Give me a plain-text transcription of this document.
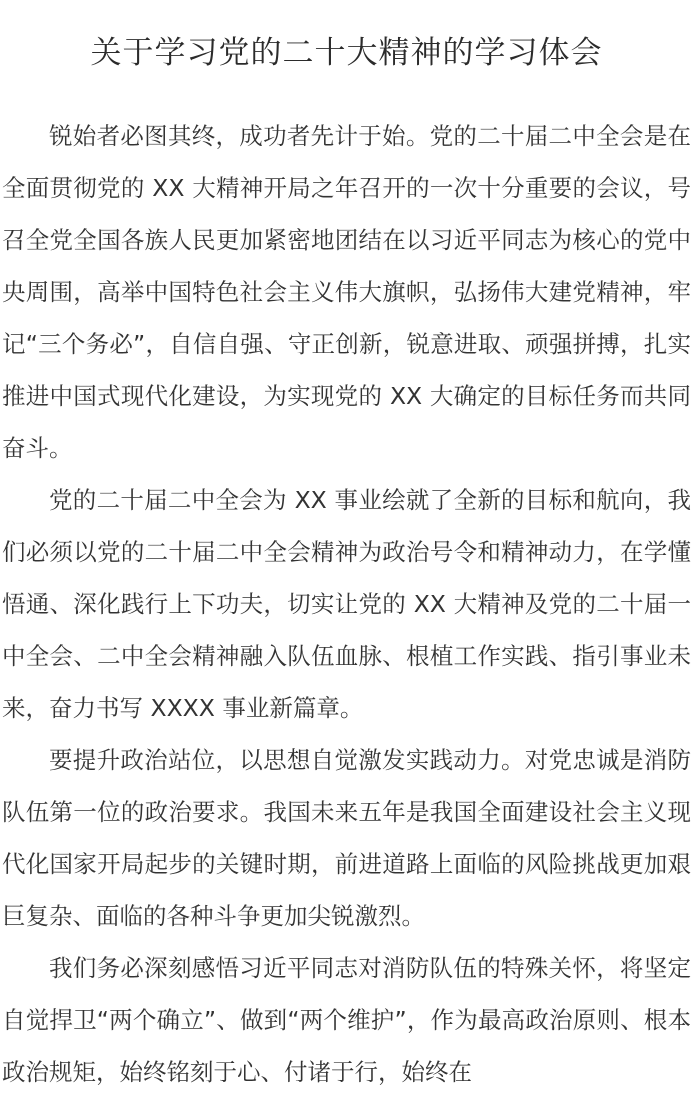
关于学习党的二十大精神的学习体会

锐始者必图其终，成功者先计于始。党的二十届二中全会是在全面贯彻党的 XX 大精神开局之年召开的一次十分重要的会议，号召全党全国各族人民更加紧密地团结在以习近平同志为核心的党中央周围，高举中国特色社会主义伟大旗帜，弘扬伟大建党精神，牢记“三个务必”，自信自强、守正创新，锐意进取、顽强拼搏，扎实推进中国式现代化建设，为实现党的 XX 大确定的目标任务而共同奋斗。

党的二十届二中全会为 XX 事业绘就了全新的目标和航向，我们必须以党的二十届二中全会精神为政治号令和精神动力，在学懂悟通、深化践行上下功夫，切实让党的 XX 大精神及党的二十届一中全会、二中全会精神融入队伍血脉、根植工作实践、指引事业未来，奋力书写 XXXX 事业新篇章。

要提升政治站位，以思想自觉激发实践动力。对党忠诚是消防队伍第一位的政治要求。我国未来五年是我国全面建设社会主义现代化国家开局起步的关键时期，前进道路上面临的风险挑战更加艰巨复杂、面临的各种斗争更加尖锐激烈。

我们务必深刻感悟习近平同志对消防队伍的特殊关怀，将坚定自觉捍卫“两个确立”、做到“两个维护”，作为最高政治原则、根本政治规矩，始终铭刻于心、付诸于行，始终在
